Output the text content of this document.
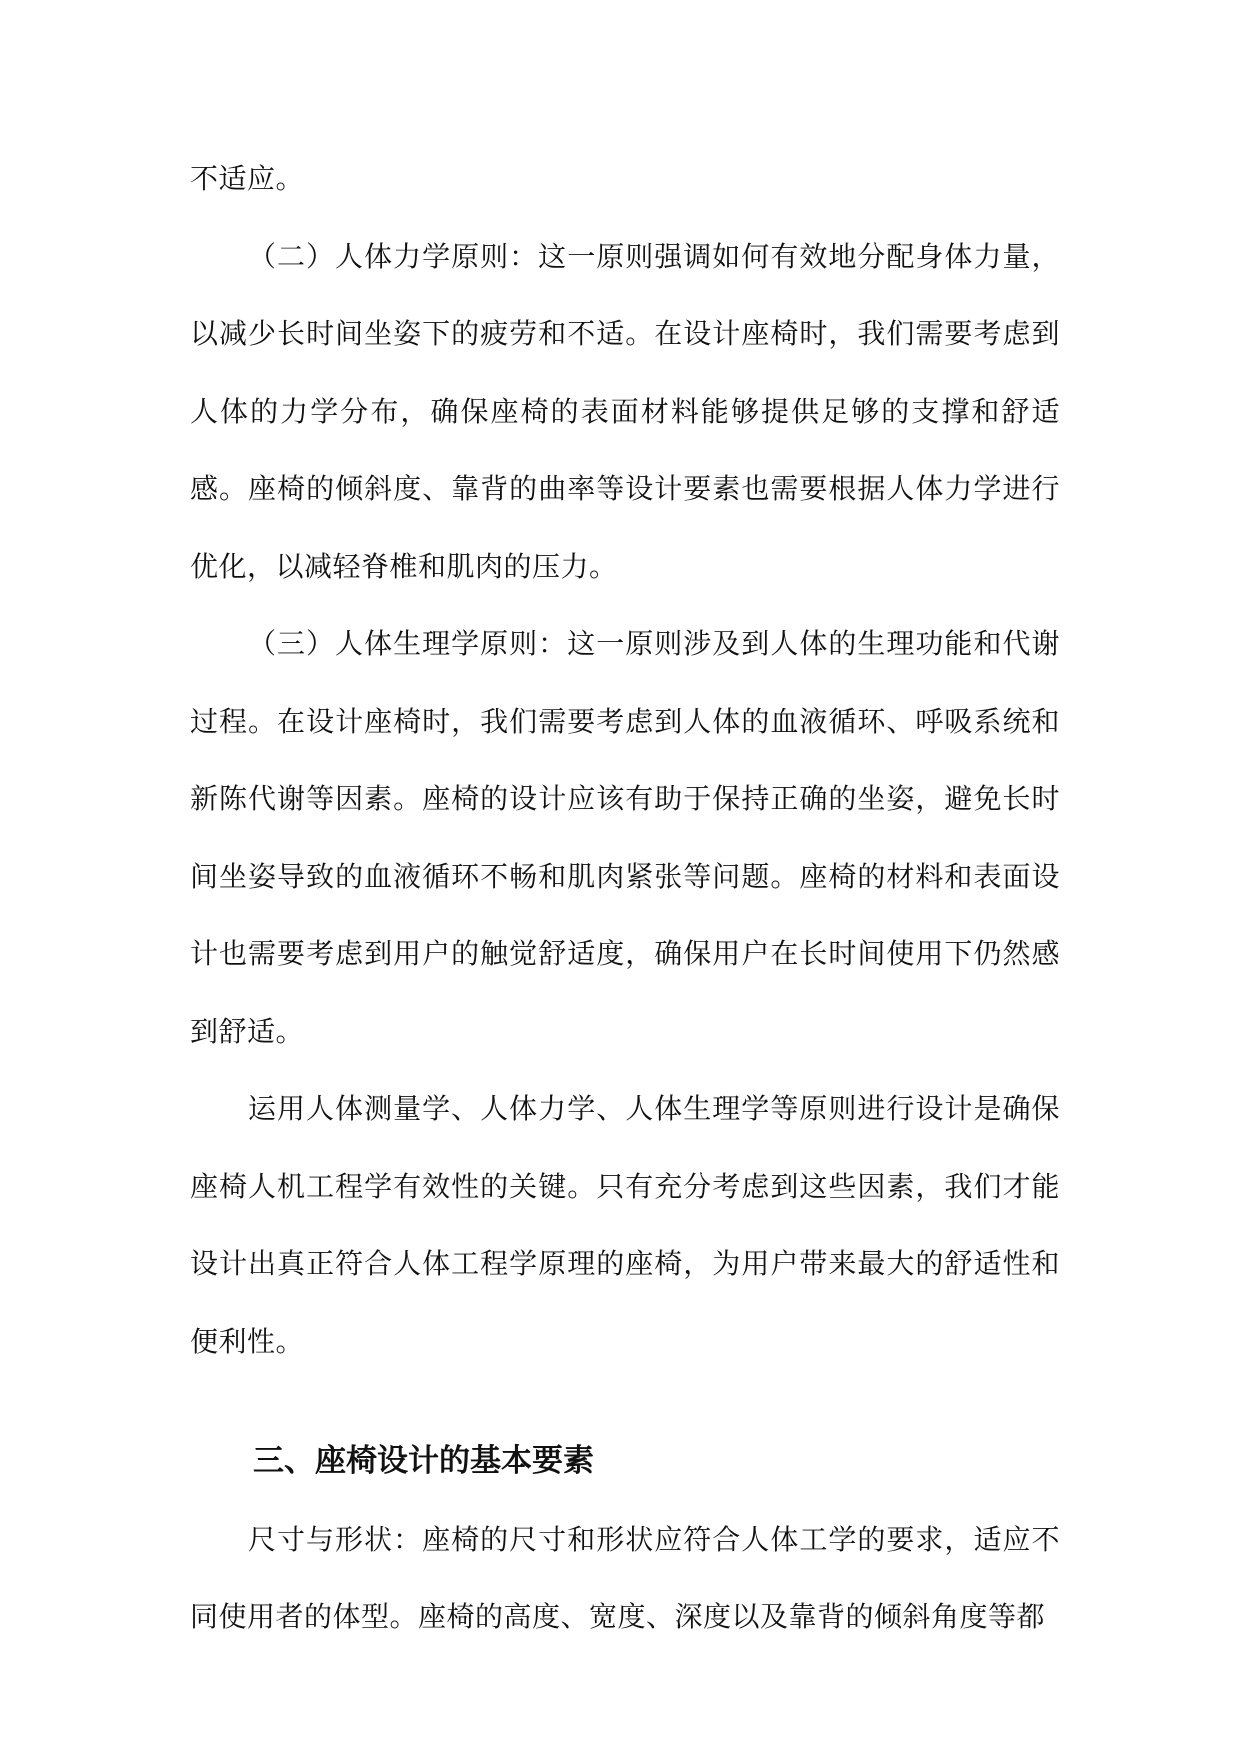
不适应。

（二）人体力学原则：这一原则强调如何有效地分配身体力量，以减少长时间坐姿下的疲劳和不适。在设计座椅时，我们需要考虑到人体的力学分布，确保座椅的表面材料能够提供足够的支撑和舒适感。座椅的倾斜度、靠背的曲率等设计要素也需要根据人体力学进行优化，以减轻脊椎和肌肉的压力。

（三）人体生理学原则：这一原则涉及到人体的生理功能和代谢过程。在设计座椅时，我们需要考虑到人体的血液循环、呼吸系统和新陈代谢等因素。座椅的设计应该有助于保持正确的坐姿，避免长时间坐姿导致的血液循环不畅和肌肉紧张等问题。座椅的材料和表面设计也需要考虑到用户的触觉舒适度，确保用户在长时间使用下仍然感到舒适。

运用人体测量学、人体力学、人体生理学等原则进行设计是确保座椅人机工程学有效性的关键。只有充分考虑到这些因素，我们才能设计出真正符合人体工程学原理的座椅，为用户带来最大的舒适性和便利性。

三、座椅设计的基本要素

尺寸与形状：座椅的尺寸和形状应符合人体工学的要求，适应不同使用者的体型。座椅的高度、宽度、深度以及靠背的倾斜角度等都
